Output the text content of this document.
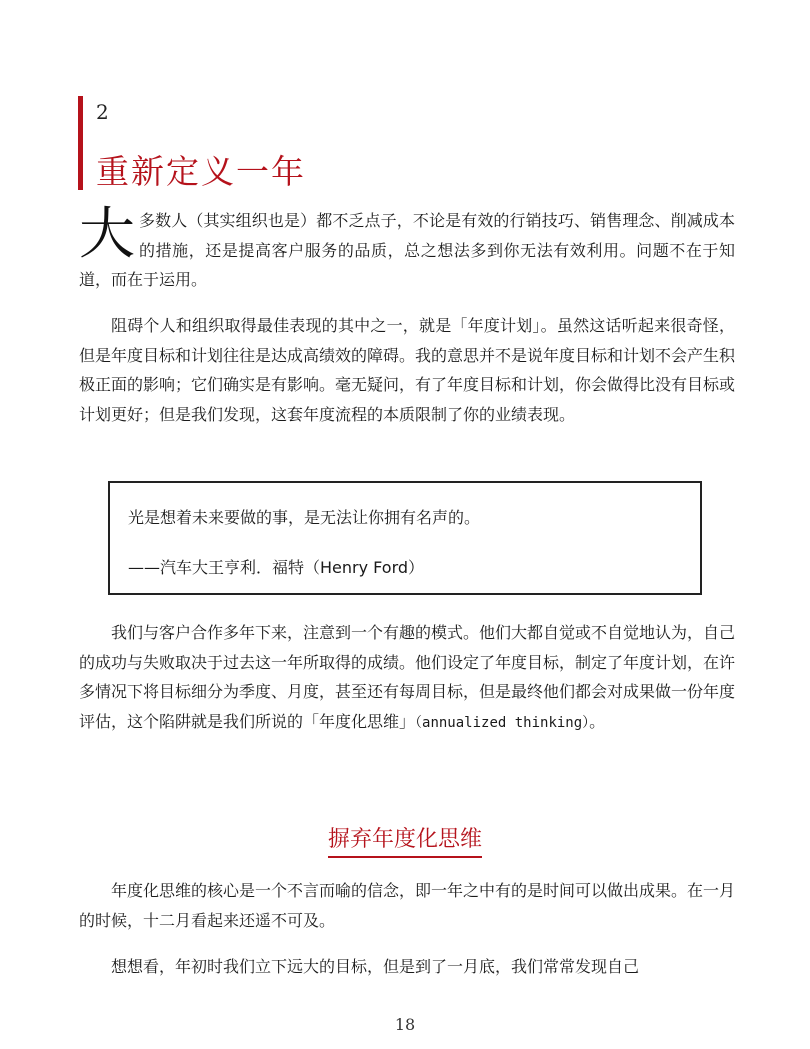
2
重新定义一年
大多数人（其实组织也是）都不乏点子，不论是有效的行销技巧、销售理念、削减成本的措施，还是提高客户服务的品质，总之想法多到你无法有效利用。问题不在于知道，而在于运用。
阻碍个人和组织取得最佳表现的其中之一，就是「年度计划」。虽然这话听起来很奇怪，但是年度目标和计划往往是达成高绩效的障碍。我的意思并不是说年度目标和计划不会产生积极正面的影响；它们确实是有影响。毫无疑问，有了年度目标和计划，你会做得比没有目标或计划更好；但是我们发现，这套年度流程的本质限制了你的业绩表现。
光是想着未来要做的事，是无法让你拥有名声的。
——汽车大王亨利．福特（Henry Ford）
我们与客户合作多年下来，注意到一个有趣的模式。他们大都自觉或不自觉地认为，自己的成功与失败取决于过去这一年所取得的成绩。他们设定了年度目标，制定了年度计划，在许多情况下将目标细分为季度、月度，甚至还有每周目标，但是最终他们都会对成果做一份年度评估，这个陷阱就是我们所说的「年度化思维」（annualized thinking）。
摒弃年度化思维
年度化思维的核心是一个不言而喻的信念，即一年之中有的是时间可以做出成果。在一月的时候，十二月看起来还遥不可及。
想想看，年初时我们立下远大的目标，但是到了一月底，我们常常发现自己
18
